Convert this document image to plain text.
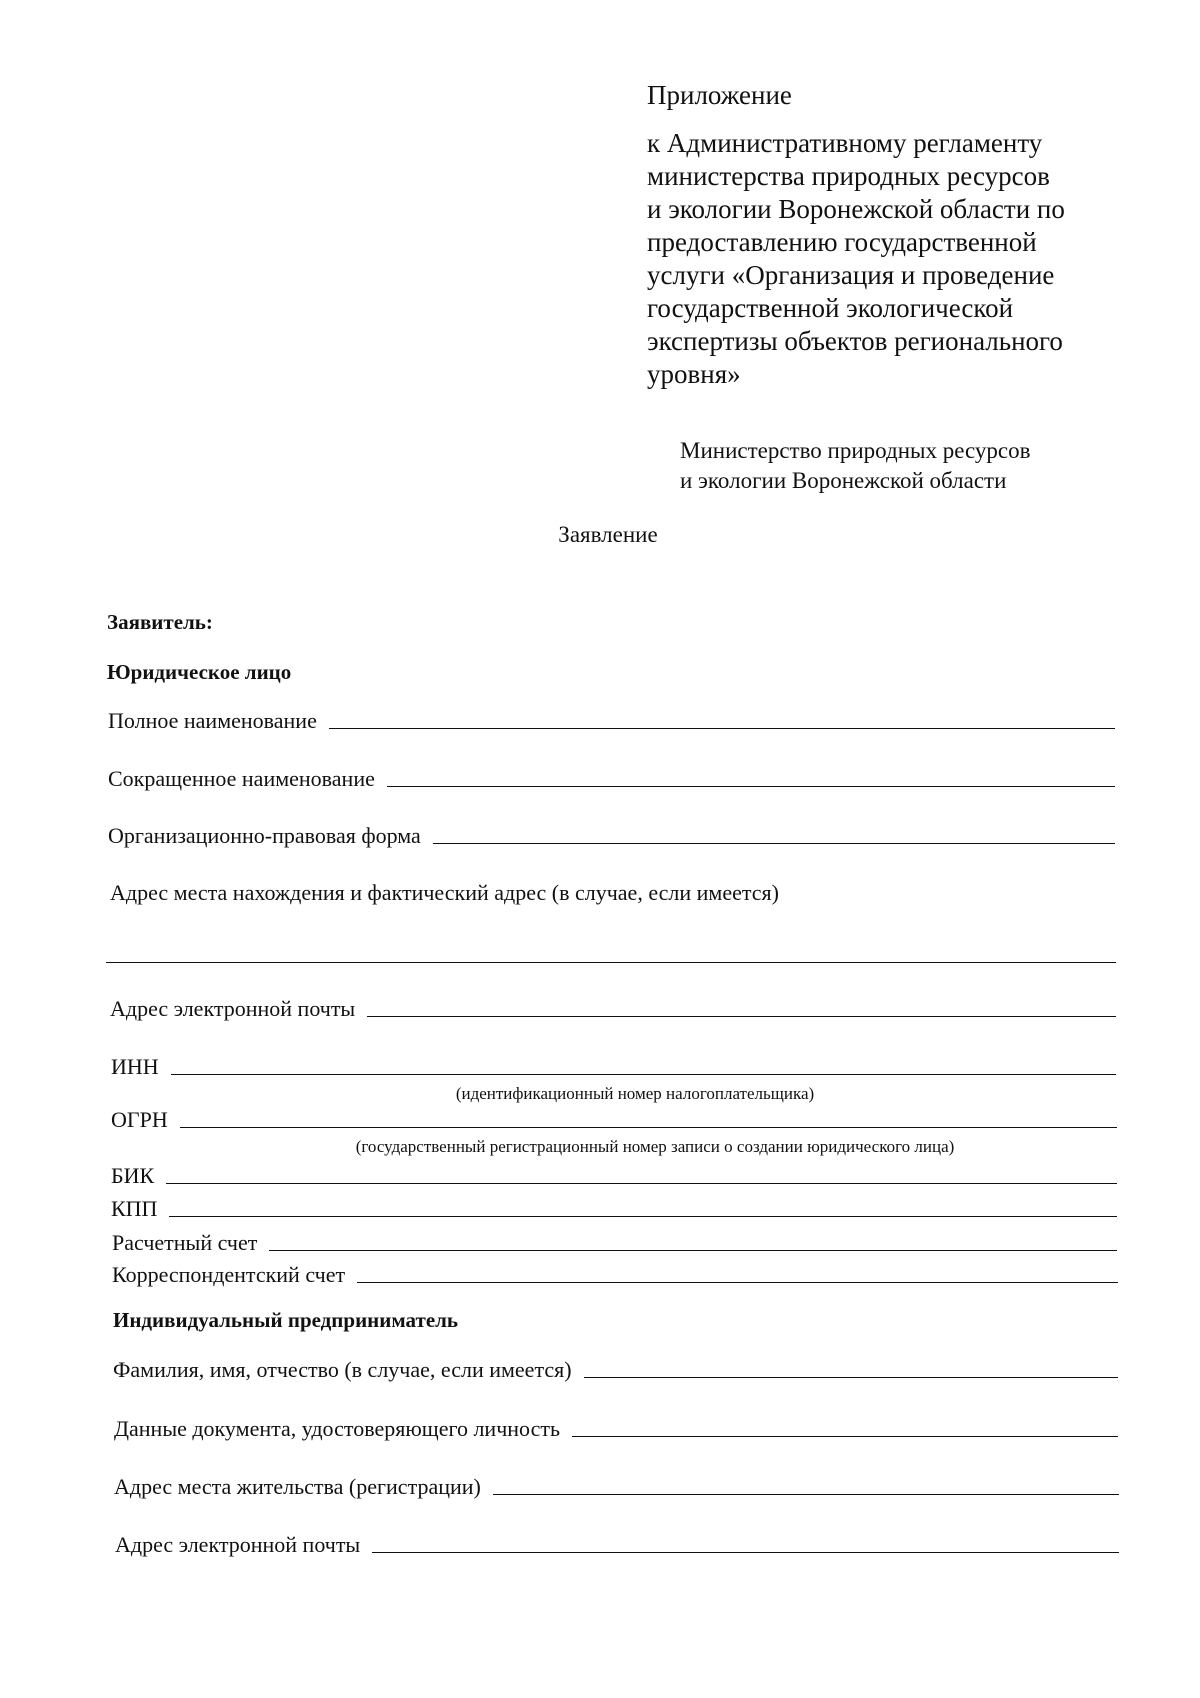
Приложение
к Административному регламенту
министерства природных ресурсов
и экологии Воронежской области по
предоставлению государственной
услуги «Организация и проведение
государственной экологической
экспертизы объектов регионального
уровня»
Министерство природных ресурсов
и экологии Воронежской области
Заявление
Заявитель:
Юридическое лицо
Полное наименование
Сокращенное наименование
Организационно-правовая форма
Адрес места нахождения и фактический адрес (в случае, если имеется)
Адрес электронной почты
ИНН
(идентификационный номер налогоплательщика)
ОГРН
(государственный регистрационный номер записи о создании юридического лица)
БИК
КПП
Расчетный счет
Корреспондентский счет
Индивидуальный предприниматель
Фамилия, имя, отчество (в случае, если имеется)
Данные документа, удостоверяющего личность
Адрес места жительства (регистрации)
Адрес электронной почты
